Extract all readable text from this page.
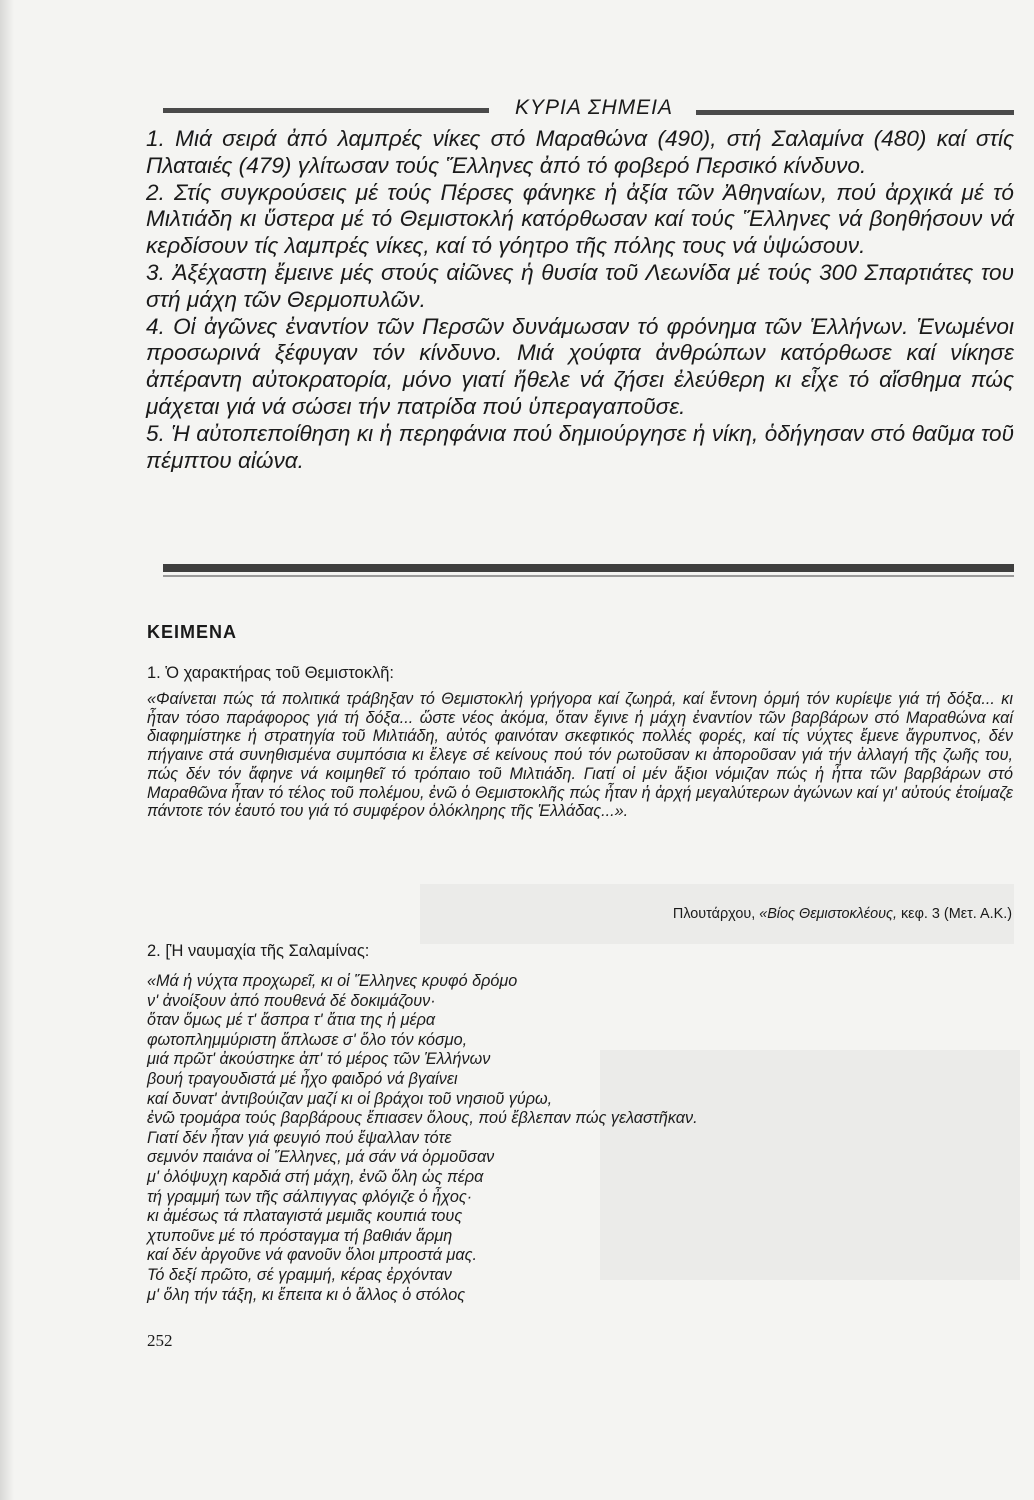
ΚΥΡΙΑ ΣΗΜΕΙΑ

1. Μιά σειρά ἀπό λαμπρές νίκες στό Μαραθώνα (490), στή Σαλαμίνα (480) καί στίς Πλαταιές (479) γλίτωσαν τούς Ἕλληνες ἀπό τό φοβερό Περσικό κίνδυνο.

2. Στίς συγκρούσεις μέ τούς Πέρσες φάνηκε ἡ ἀξία τῶν Ἀθηναίων, πού ἀρχικά μέ τό Μιλτιάδη κι ὕστερα μέ τό Θεμιστοκλή κατόρθωσαν καί τούς Ἕλληνες νά βοηθήσουν νά κερδίσουν τίς λαμπρές νίκες, καί τό γόητρο τῆς πόλης τους νά ὑψώσουν.

3. Ἀξέχαστη ἔμεινε μές στούς αἰῶνες ἡ θυσία τοῦ Λεωνίδα μέ τούς 300 Σπαρτιάτες του στή μάχη τῶν Θερμοπυλῶν.

4. Οἱ ἀγῶνες ἐναντίον τῶν Περσῶν δυνάμωσαν τό φρόνημα τῶν Ἑλλήνων. Ἑνωμένοι προσωρινά ξέφυγαν τόν κίνδυνο. Μιά χούφτα ἀνθρώπων κατόρθωσε καί νίκησε ἀπέραντη αὐτοκρατορία, μόνο γιατί ἤθελε νά ζήσει ἐλεύθερη κι εἶχε τό αἴσθημα πώς μάχεται γιά νά σώσει τήν πατρίδα πού ὑπεραγαποῦσε.

5. Ἡ αὐτοπεποίθηση κι ἡ περηφάνια πού δημιούργησε ἡ νίκη, ὁδήγησαν στό θαῦμα τοῦ πέμπτου αἰώνα.

ΚΕΙΜΕΝΑ
1. Ὁ χαρακτήρας τοῦ Θεμιστοκλῆ:

«Φαίνεται πώς τά πολιτικά τράβηξαν τό Θεμιστοκλή γρήγορα καί ζωηρά, καί ἔντονη ὁρμή τόν κυρίεψε γιά τή δόξα... κι ἦταν τόσο παράφορος γιά τή δόξα... ὥστε νέος ἀκόμα, ὅταν ἔγινε ἡ μάχη ἐναντίον τῶν βαρβάρων στό Μαραθώνα καί διαφημίστηκε ἡ στρατηγία τοῦ Μιλτιάδη, αὐτός φαινόταν σκεφτικός πολλές φορές, καί τίς νύχτες ἔμενε ἄγρυπνος, δέν πήγαινε στά συνηθισμένα συμπόσια κι ἔλεγε σέ κείνους πού τόν ρωτοῦσαν κι ἀποροῦσαν γιά τήν ἀλλαγή τῆς ζωῆς του, πώς δέν τόν ἄφηνε νά κοιμηθεῖ τό τρόπαιο τοῦ Μιλτιάδη. Γιατί οἱ μέν ἄξιοι νόμιζαν πώς ἡ ἧττα τῶν βαρβάρων στό Μαραθῶνα ἦταν τό τέλος τοῦ πολέμου, ἐνῶ ὁ Θεμιστοκλῆς πώς ἦταν ἡ ἀρχή μεγαλύτερων ἀγώνων καί γι' αὐτούς ἑτοίμαζε πάντοτε τόν ἑαυτό του γιά τό συμφέρον ὁλόκληρης τῆς Ἑλλάδας...».

Πλουτάρχου, «Βίος Θεμιστοκλέους, κεφ. 3 (Μετ. Α.Κ.)
2. [Ἡ ναυμαχία τῆς Σαλαμίνας:
«Μά ἡ νύχτα προχωρεῖ, κι οἱ Ἕλληνες κρυφό δρόμο
ν' ἀνοίξουν ἀπό πουθενά δέ δοκιμάζουν·
ὅταν ὅμως μέ τ' ἄσπρα τ' ἄτια της ἡ μέρα
φωτοπλημμύριστη ἅπλωσε σ' ὅλο τόν κόσμο,
μιά πρῶτ' ἀκούστηκε ἀπ' τό μέρος τῶν Ἑλλήνων
βουή τραγουδιστά μέ ἦχο φαιδρό νά βγαίνει
καί δυνατ' ἀντιβούιζαν μαζί κι οἱ βράχοι τοῦ νησιοῦ γύρω,
ἐνῶ τρομάρα τούς βαρβάρους ἔπιασεν ὅλους, πού ἔβλεπαν πώς γελαστῆκαν.
Γιατί δέν ἦταν γιά φευγιό πού ἔψαλλαν τότε
σεμνόν παιάνα οἱ Ἕλληνες, μά σάν νά ὁρμοῦσαν
μ' ὁλόψυχη καρδιά στή μάχη, ἐνῶ ὅλη ὡς πέρα
τή γραμμή των τῆς σάλπιγγας φλόγιζε ὁ ἦχος·
κι ἀμέσως τά πλαταγιστά μεμιᾶς κουπιά τους
χτυποῦνε μέ τό πρόσταγμα τή βαθιάν ἅρμη
καί δέν ἀργοῦνε νά φανοῦν ὅλοι μπροστά μας.
Τό δεξί πρῶτο, σέ γραμμή, κέρας ἐρχόνταν
μ' ὅλη τήν τάξη, κι ἔπειτα κι ὁ ἄλλος ὁ στόλος
252
